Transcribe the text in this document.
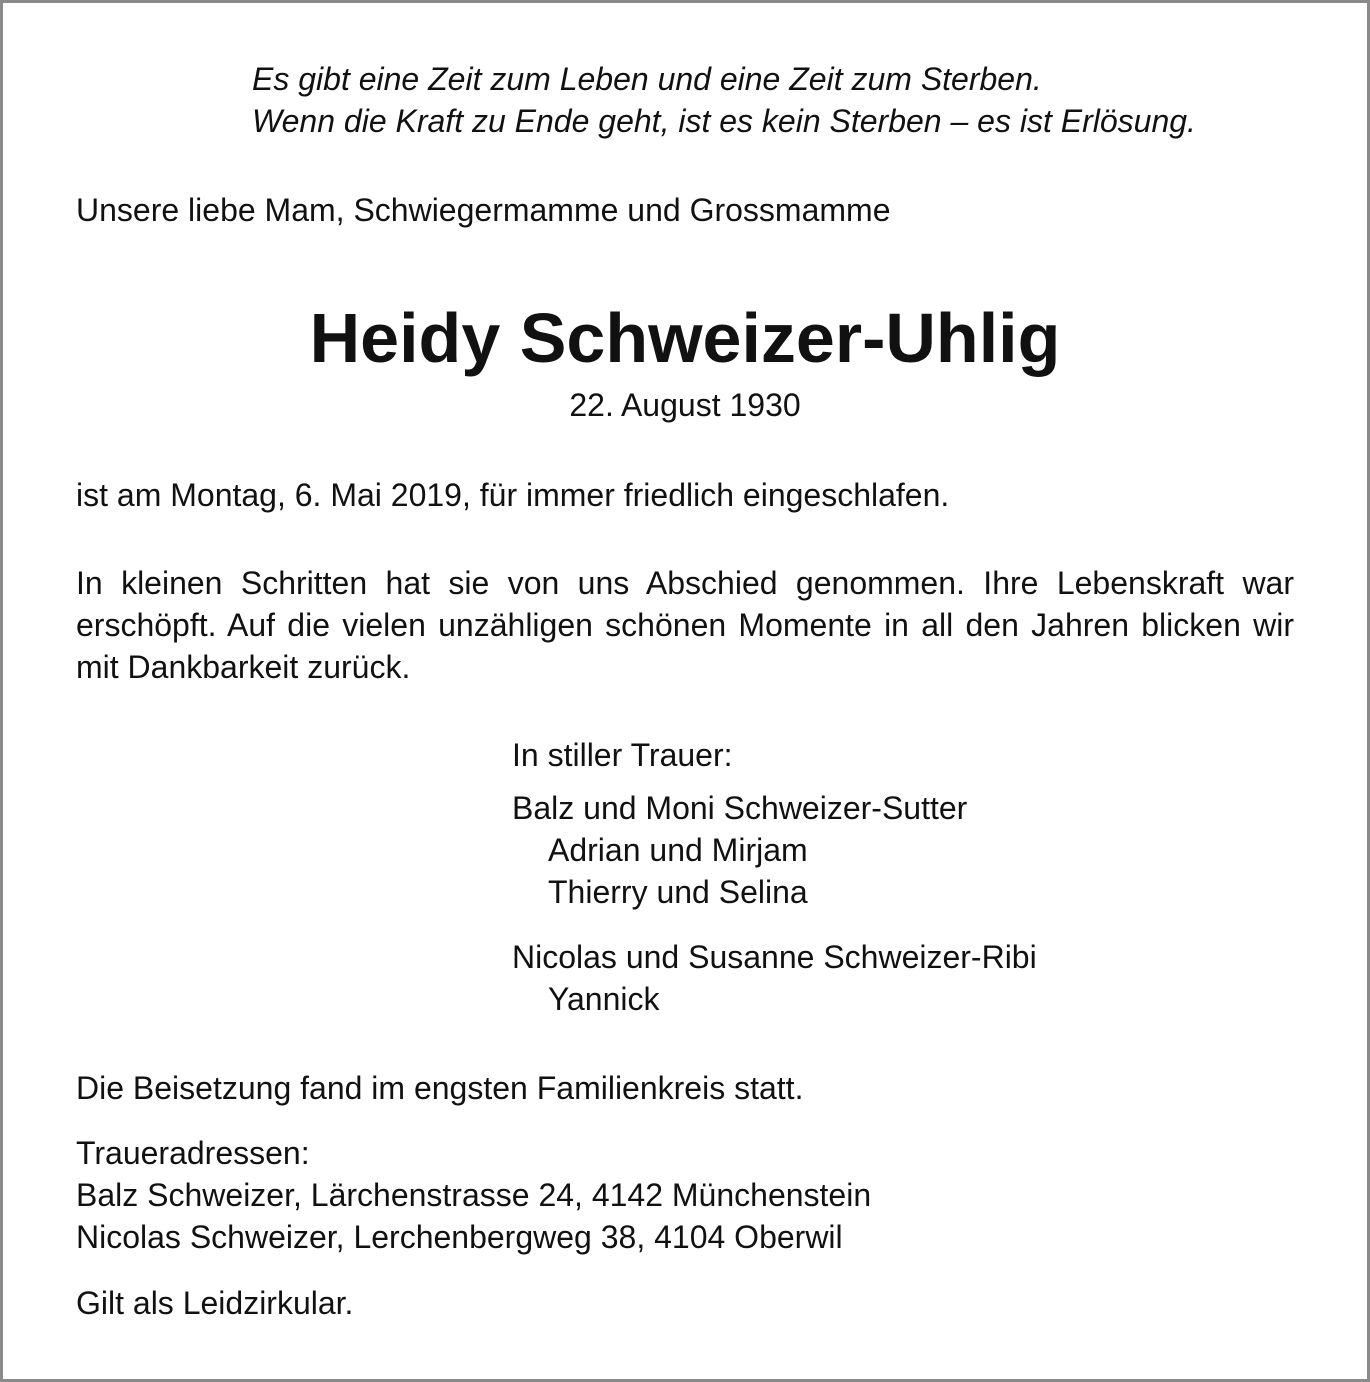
Es gibt eine Zeit zum Leben und eine Zeit zum Sterben.

Wenn die Kraft zu Ende geht, ist es kein Sterben – es ist Erlösung.

Unsere liebe Mam, Schwiegermamme und Grossmamme

Heidy Schweizer-Uhlig

22. August 1930

ist am Montag, 6. Mai 2019, für immer friedlich eingeschlafen.

In kleinen Schritten hat sie von uns Abschied genommen. Ihre Lebenskraft war erschöpft. Auf die vielen unzähligen schönen Momente in all den Jahren blicken wir mit Dankbarkeit zurück.

In stiller Trauer:

Balz und Moni Schweizer-Sutter

Adrian und Mirjam

Thierry und Selina

Nicolas und Susanne Schweizer-Ribi

Yannick

Die Beisetzung fand im engsten Familienkreis statt.

Traueradressen:

Balz Schweizer, Lärchenstrasse 24, 4142 Münchenstein

Nicolas Schweizer, Lerchenbergweg 38, 4104 Oberwil

Gilt als Leidzirkular.
